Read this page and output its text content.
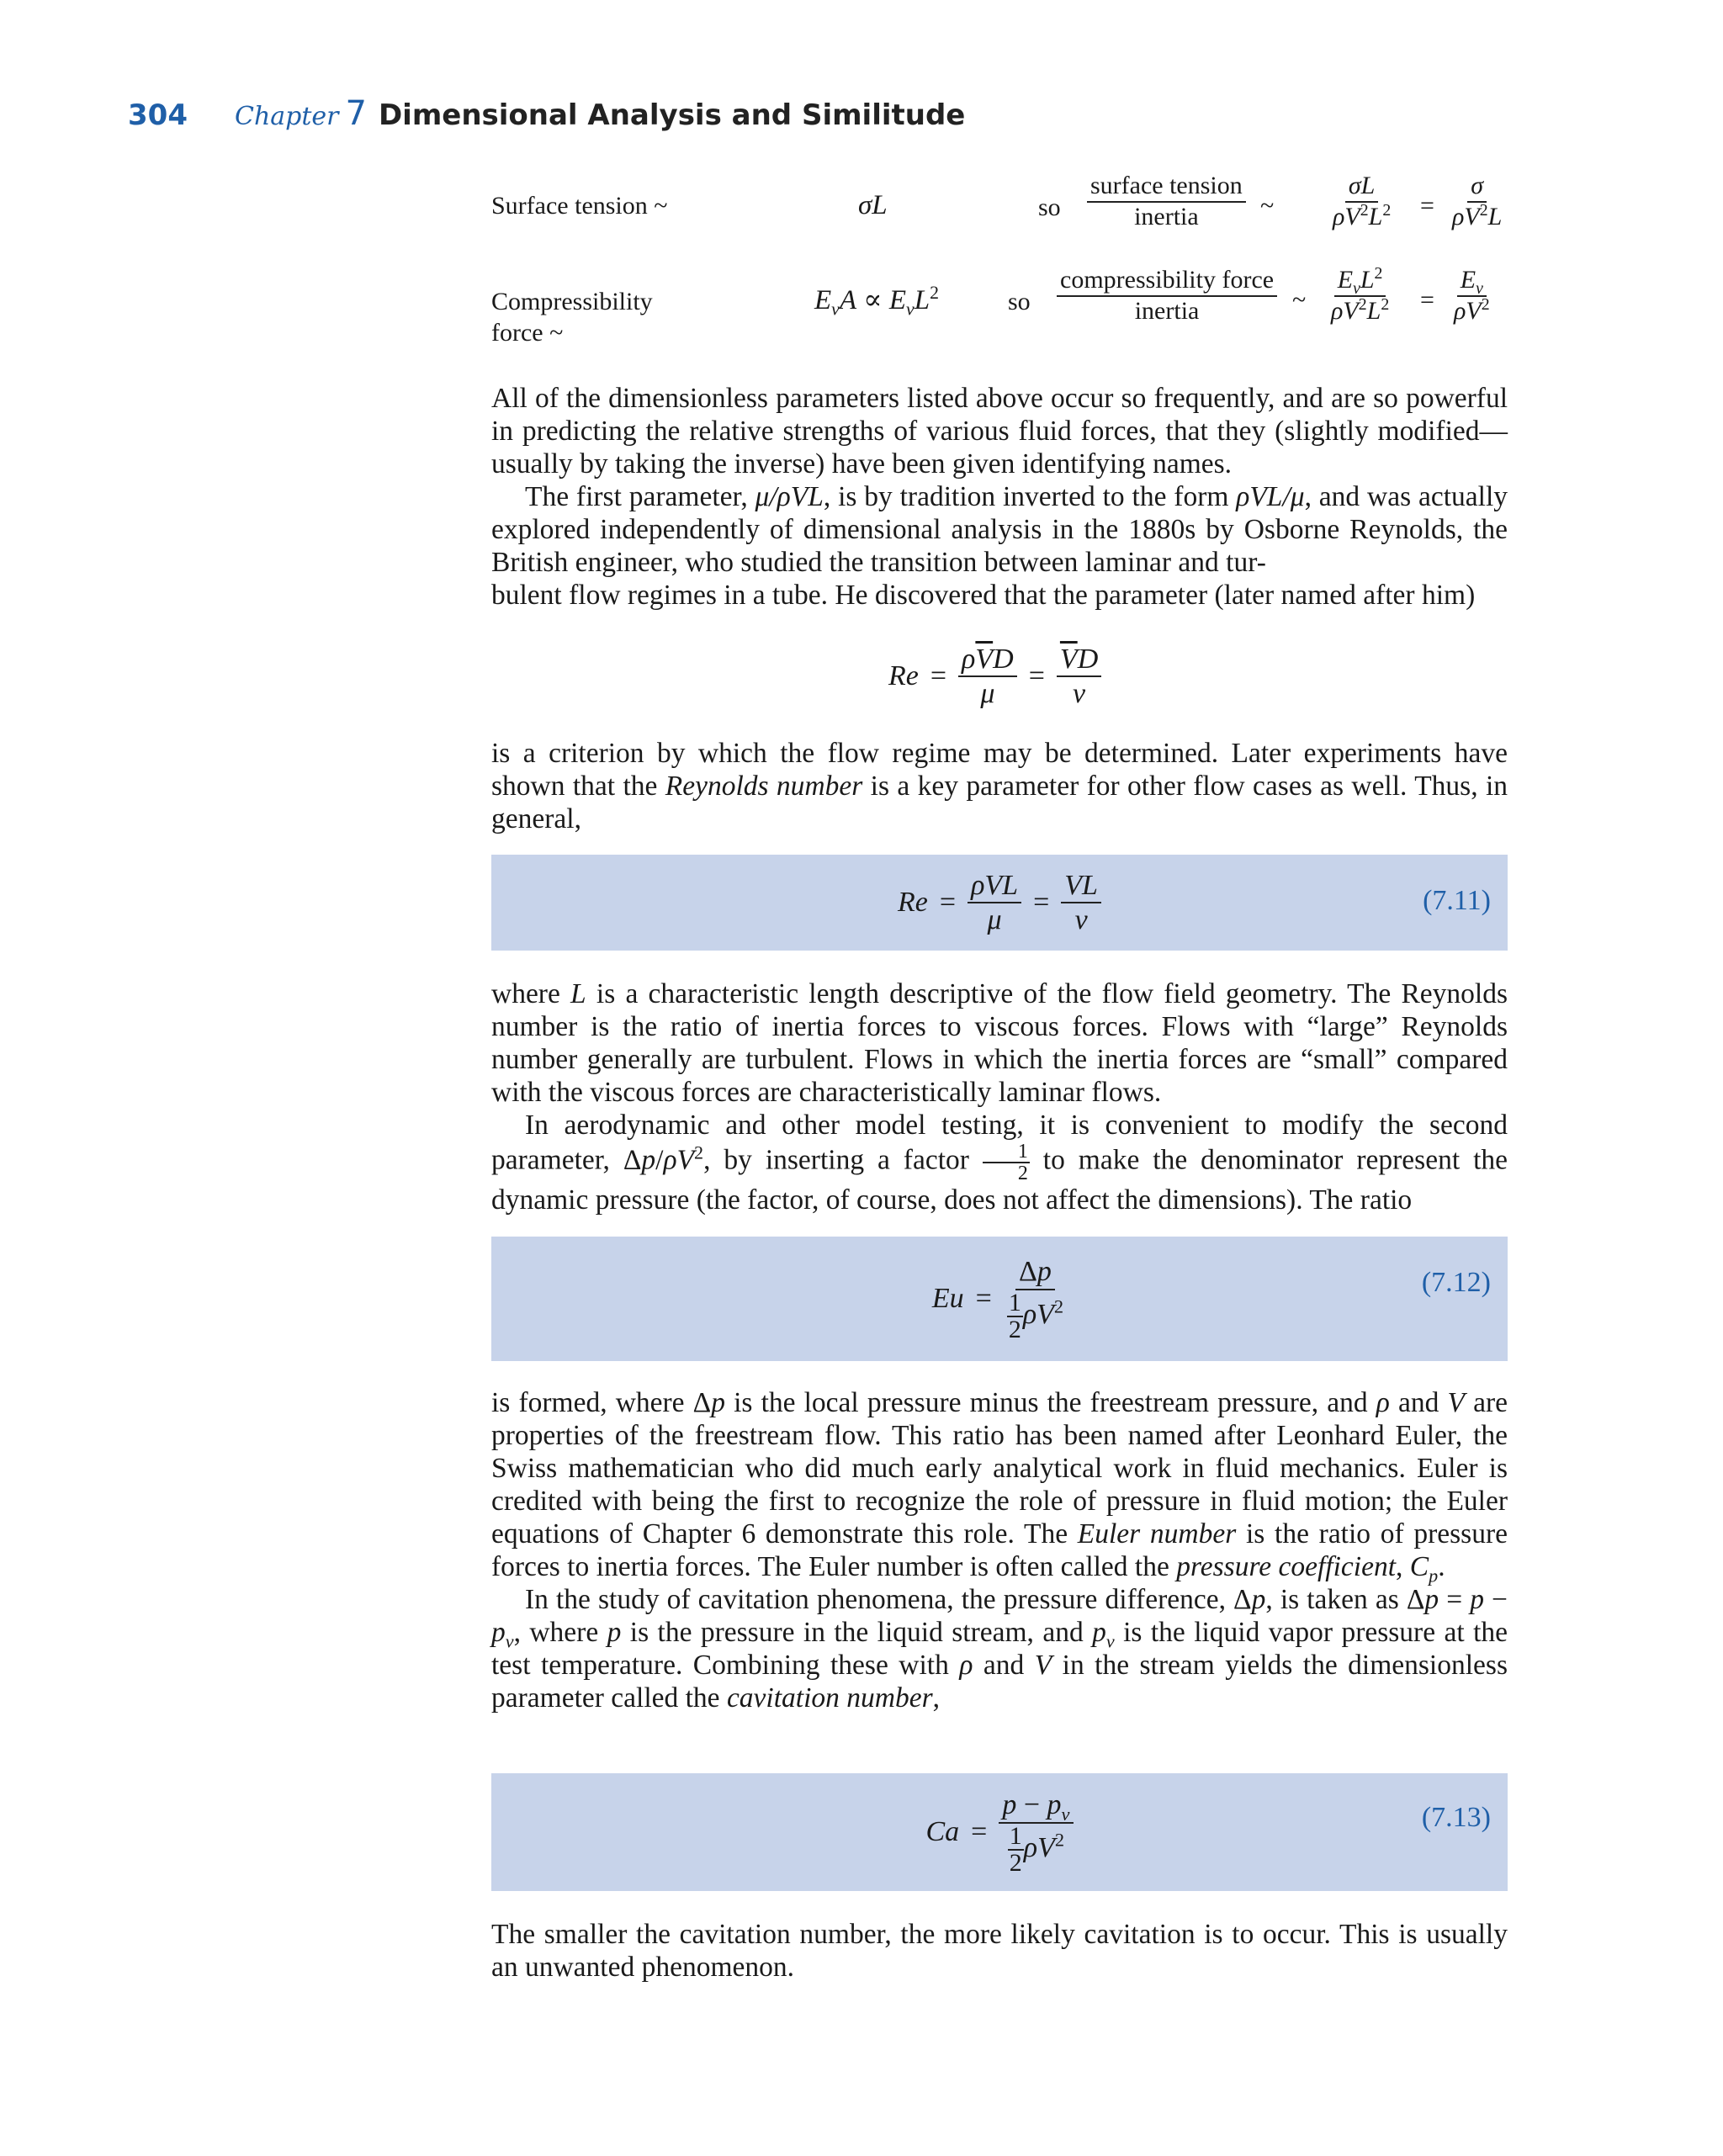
304 Chapter 7 Dimensional Analysis and Similitude
Surface tension ~	σL	so $\frac{\text{surface tension}}{\text{inertia}}$ ~ $\frac{\sigma L}{\rho V^2L^2} = \frac{\sigma}{\rho V^2L}$
Compressibility
force ~
$E_vA \propto E_vL^2$	so $\frac{\text{compressibility force}}{\text{inertia}}$ ~ $\frac{E_vL^2}{\rho V^2L^2} = \frac{E_v}{\rho V^2}$

All of the dimensionless parameters listed above occur so frequently, and are so powerful in predicting the relative strengths of various fluid forces, that they (slightly modified—usually by taking the inverse) have been given identifying names.

The first parameter, μ/ρVL, is by tradition inverted to the form ρVL/μ, and was actually explored independently of dimensional analysis in the 1880s by Osborne Reynolds, the British engineer, who studied the transition between laminar and tur-
bulent flow regimes in a tube. He discovered that the parameter (later named after him)

$Re = \frac{\rho\overline{V}D}{\mu} = \frac{\overline{V}D}{\nu}$

is a criterion by which the flow regime may be determined. Later experiments have shown that the Reynolds number is a key parameter for other flow cases as well. Thus, in general,

$Re = \frac{\text{ρVL}}{\mu} = \frac{VL}{\nu}$	(7.11)

where L is a characteristic length descriptive of the flow field geometry. The Reynolds number is the ratio of inertia forces to viscous forces. Flows with “large” Reynolds number generally are turbulent. Flows in which the inertia forces are “small” compared with the viscous forces are characteristically laminar flows.

In aerodynamic and other model testing, it is convenient to modify the second parameter, $\Delta p/\rho V^2$, by inserting a factor $\frac{1}{2}$ to make the denominator represent the dynamic pressure (the factor, of course, does not affect the dimensions). The ratio

$Eu = \frac{\Delta p}{\frac{1}{2} \rho V^2}$	(7.12)

is formed, where Δp is the local pressure minus the freestream pressure, and ρ and V are properties of the freestream flow. This ratio has been named after Leonhard Euler, the Swiss mathematician who did much early analytical work in fluid mechanics. Euler is credited with being the first to recognize the role of pressure in fluid motion; the Euler equations of Chapter 6 demonstrate this role. The Euler number is the ratio of pressure forces to inertia forces. The Euler number is often called the pressure coefficient, $C_p$.

In the study of cavitation phenomena, the pressure difference, Δp, is taken as $\Delta p = p - p_v$, where p is the pressure in the liquid stream, and $p_v$ is the liquid vapor pressure at the test temperature. Combining these with ρ and V in the stream yields the dimensionless parameter called the cavitation number,

$Ca = \frac{p - p_v}{\frac{1}{2} \rho V^2}$	(7.13)

The smaller the cavitation number, the more likely cavitation is to occur. This is usually an unwanted phenomenon.
